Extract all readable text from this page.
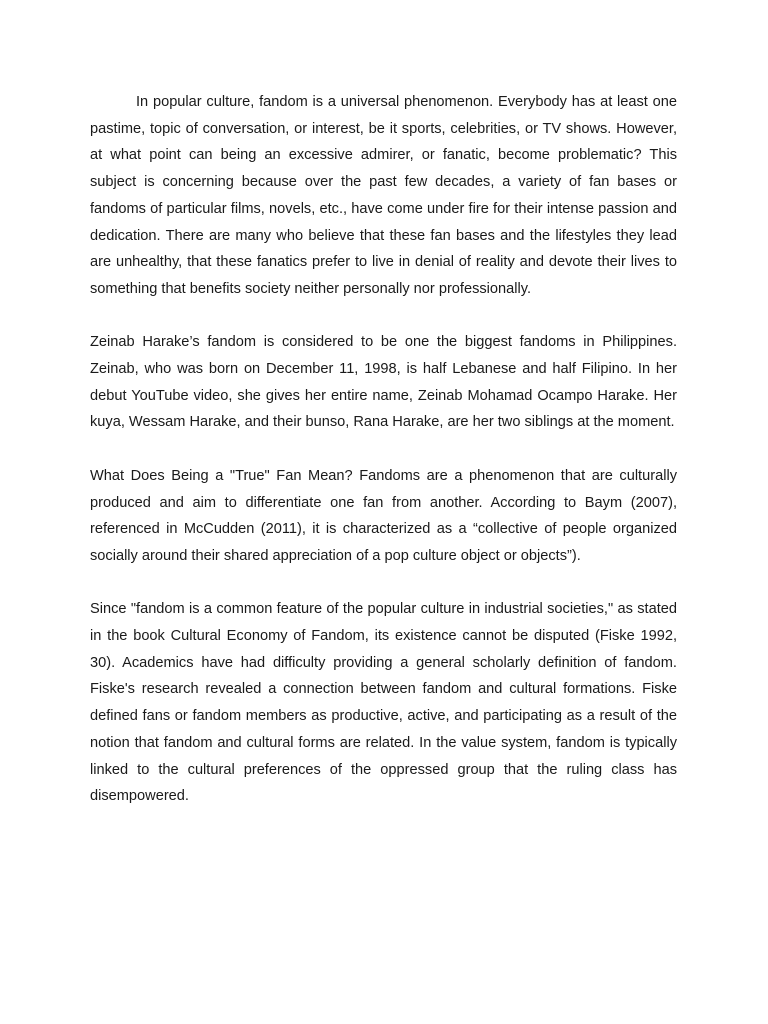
In popular culture, fandom is a universal phenomenon. Everybody has at least one pastime, topic of conversation, or interest, be it sports, celebrities, or TV shows. However, at what point can being an excessive admirer, or fanatic, become problematic? This subject is concerning because over the past few decades, a variety of fan bases or fandoms of particular films, novels, etc., have come under fire for their intense passion and dedication. There are many who believe that these fan bases and the lifestyles they lead are unhealthy, that these fanatics prefer to live in denial of reality and devote their lives to something that benefits society neither personally nor professionally.

Zeinab Harake’s fandom is considered to be one the biggest fandoms in Philippines. Zeinab, who was born on December 11, 1998, is half Lebanese and half Filipino. In her debut YouTube video, she gives her entire name, Zeinab Mohamad Ocampo Harake. Her kuya, Wessam Harake, and their bunso, Rana Harake, are her two siblings at the moment.

What Does Being a "True" Fan Mean? Fandoms are a phenomenon that are culturally produced and aim to differentiate one fan from another. According to Baym (2007), referenced in McCudden (2011), it is characterized as a “collective of people organized socially around their shared appreciation of a pop culture object or objects”).

Since "fandom is a common feature of the popular culture in industrial societies," as stated in the book Cultural Economy of Fandom, its existence cannot be disputed (Fiske 1992, 30). Academics have had difficulty providing a general scholarly definition of fandom. Fiske's research revealed a connection between fandom and cultural formations. Fiske defined fans or fandom members as productive, active, and participating as a result of the notion that fandom and cultural forms are related. In the value system, fandom is typically linked to the cultural preferences of the oppressed group that the ruling class has disempowered.
